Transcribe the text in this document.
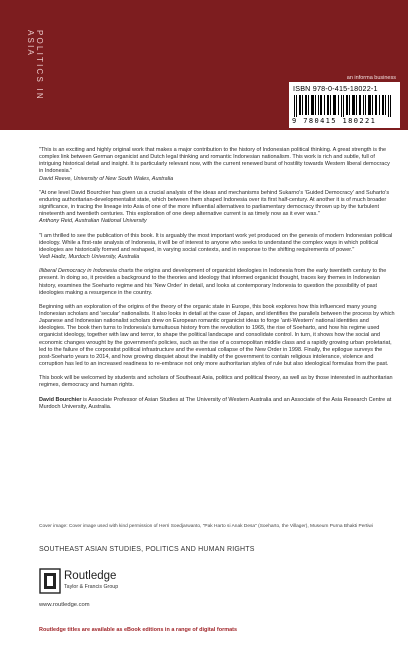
POLITICS IN ASIA
an informa business
ISBN 978-0-415-18022-1
9 780415 180221

"This is an exciting and highly original work that makes a major contribution to the history of Indonesian political thinking. A great strength is the complex link between German organicist and Dutch legal thinking and romantic Indonesian nationalism. This work is rich and subtle, full of intriguing historical detail and insight. It is particularly relevant now, with the current renewed burst of hostility towards Western liberal democracy in Indonesia."
David Reeve, University of New South Wales, Australia

"At one level David Bourchier has given us a crucial analysis of the ideas and mechanisms behind Sukarno's 'Guided Democracy' and Suharto's enduring authoritarian-developmentalist state, which between them shaped Indonesia over its first half-century. At another it is of much broader significance, in tracing the lineage into Asia of one of the more influential alternatives to parliamentary democracy thrown up by the turbulent nineteenth and twentieth centuries. This exploration of one deep alternative current is as timely now as it ever was."
Anthony Reid, Australian National University

"I am thrilled to see the publication of this book. It is arguably the most important work yet produced on the genesis of modern Indonesian political ideology. While a first-rate analysis of Indonesia, it will be of interest to anyone who seeks to understand the complex ways in which political ideologies are historically formed and reshaped, in varying social contexts, and in response to the shifting requirements of power."
Vedi Hadiz, Murdoch University, Australia

Illiberal Democracy in Indonesia charts the origins and development of organicist ideologies in Indonesia from the early twentieth century to the present. In doing so, it provides a background to the theories and ideology that informed organicist thought, traces key themes in Indonesian history, examines the Soeharto regime and his 'New Order' in detail, and looks at contemporary Indonesia to question the possibility of past ideologies making a resurgence in the country.

Beginning with an exploration of the origins of the theory of the organic state in Europe, this book explores how this influenced many young Indonesian scholars and 'secular' nationalists. It also looks in detail at the case of Japan, and identifies the parallels between the process by which Japanese and Indonesian nationalist scholars drew on European romantic organicist ideas to forge 'anti-Western' national identities and ideologies. The book then turns to Indonesia's tumultuous history from the revolution to 1965, the rise of Soeharto, and how his regime used organicist ideology, together with law and terror, to shape the political landscape and consolidate control. In turn, it shows how the social and economic changes wrought by the government's policies, such as the rise of a cosmopolitan middle class and a rapidly growing urban proletariat, led to the failure of the corporatist political infrastructure and the eventual collapse of the New Order in 1998. Finally, the epilogue surveys the post-Soeharto years to 2014, and how growing disquiet about the inability of the government to contain religious intolerance, violence and corruption has led to an increased readiness to re-embrace not only more authoritarian styles of rule but also ideological formulas from the past.

This book will be welcomed by students and scholars of Southeast Asia, politics and political theory, as well as by those interested in authoritarian regimes, democracy and human rights.

David Bourchier is Associate Professor of Asian Studies at The University of Western Australia and an Associate of the Asia Research Centre at Murdoch University, Australia.

Cover image: Cover image used with kind permission of Herri Soedjarwanto, "Pak Harto si Anak Desa" (Soeharto, the Villager), Museum Purna Bhakti Pertiwi
SOUTHEAST ASIAN STUDIES, POLITICS AND HUMAN RIGHTS
Routledge
Taylor & Francis Group
www.routledge.com
Routledge titles are available as eBook editions in a range of digital formats
